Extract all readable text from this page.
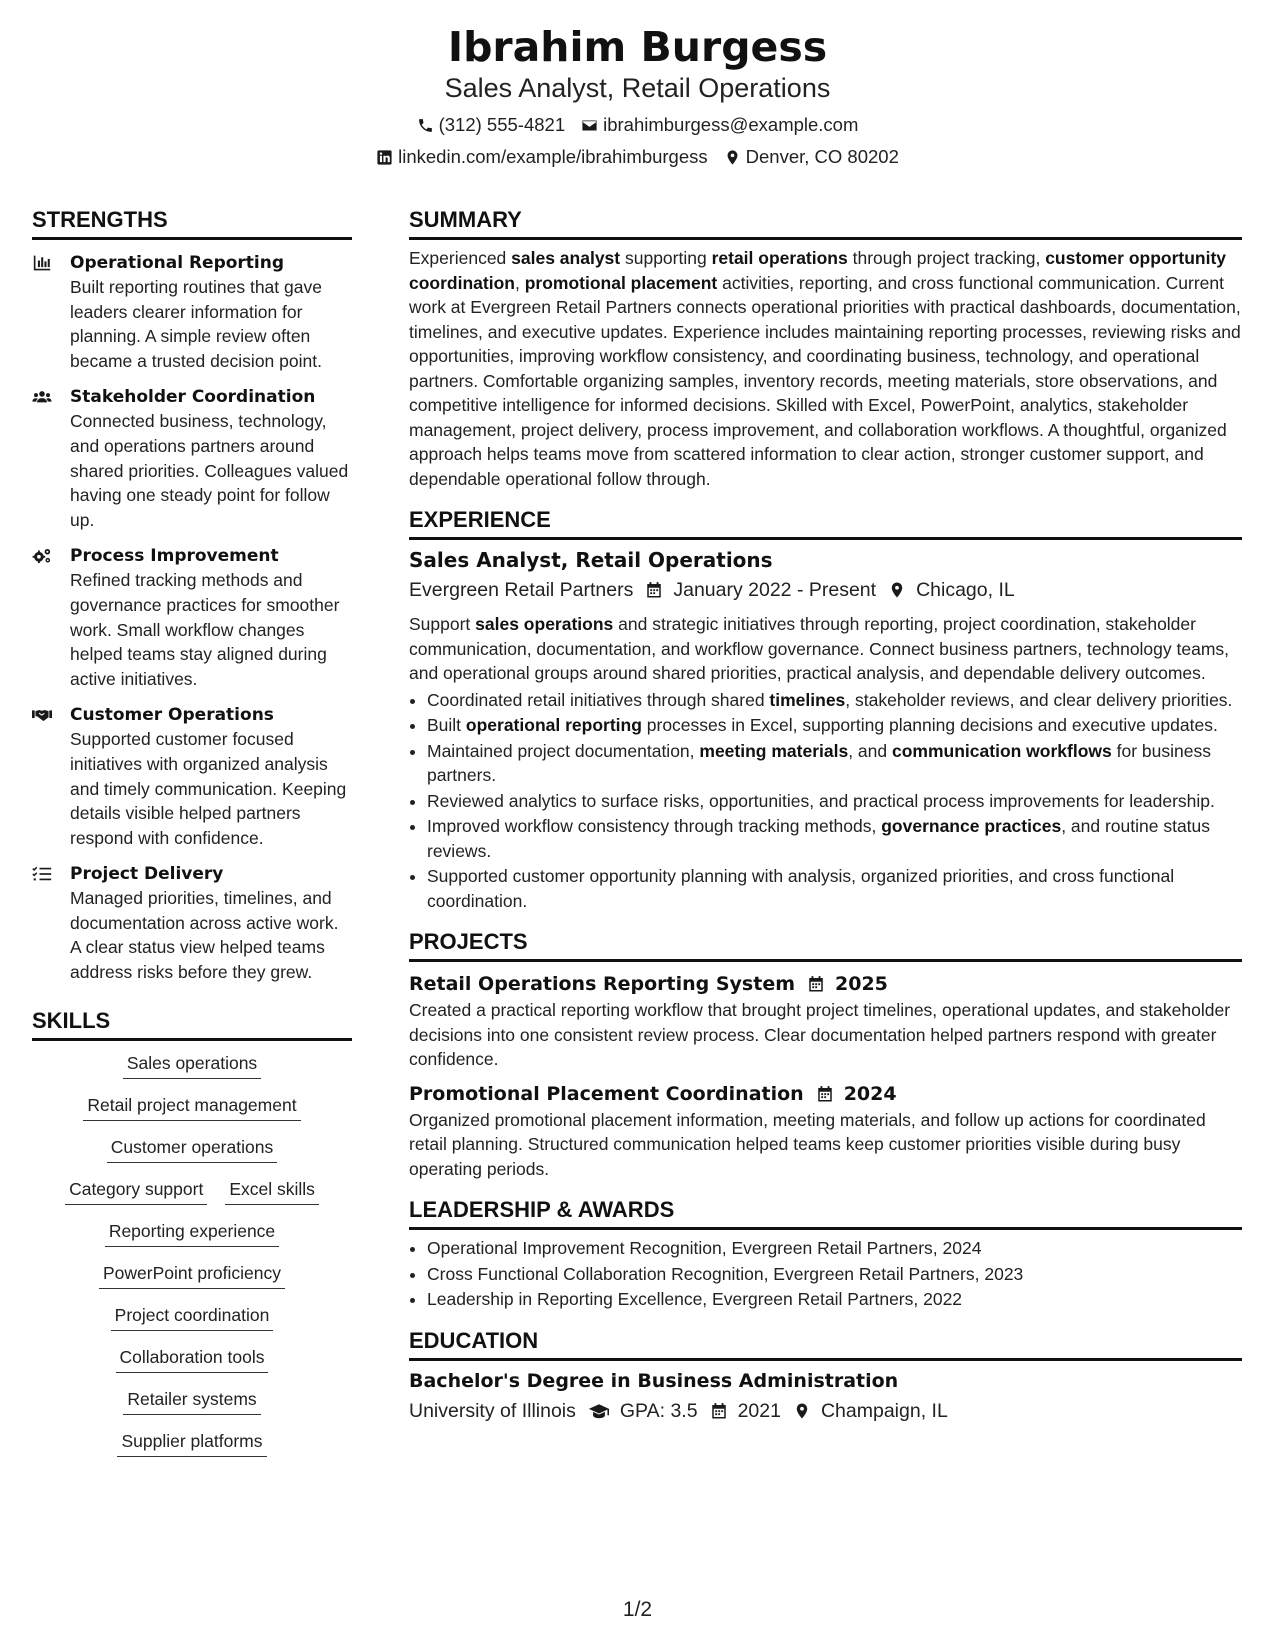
Ibrahim Burgess
Sales Analyst, Retail Operations
(312) 555-4821 ibrahimburgess@example.com
linkedin.com/example/ibrahimburgess Denver, CO 80202
STRENGTHS
Operational Reporting
Built reporting routines that gave leaders clearer information for planning. A simple review often became a trusted decision point.
Stakeholder Coordination
Connected business, technology, and operations partners around shared priorities. Colleagues valued having one steady point for follow up.
Process Improvement
Refined tracking methods and governance practices for smoother work. Small workflow changes helped teams stay aligned during active initiatives.
Customer Operations
Supported customer focused initiatives with organized analysis and timely communication. Keeping details visible helped partners respond with confidence.
Project Delivery
Managed priorities, timelines, and documentation across active work. A clear status view helped teams address risks before they grew.
SKILLS
Sales operations
Retail project management
Customer operations
Category support Excel skills
Reporting experience
PowerPoint proficiency
Project coordination
Collaboration tools
Retailer systems
Supplier platforms
SUMMARY
Experienced sales analyst supporting retail operations through project tracking, customer opportunity coordination, promotional placement activities, reporting, and cross functional communication. Current work at Evergreen Retail Partners connects operational priorities with practical dashboards, documentation, timelines, and executive updates. Experience includes maintaining reporting processes, reviewing risks and opportunities, improving workflow consistency, and coordinating business, technology, and operational partners. Comfortable organizing samples, inventory records, meeting materials, store observations, and competitive intelligence for informed decisions. Skilled with Excel, PowerPoint, analytics, stakeholder management, project delivery, process improvement, and collaboration workflows. A thoughtful, organized approach helps teams move from scattered information to clear action, stronger customer support, and dependable operational follow through.
EXPERIENCE
Sales Analyst, Retail Operations
Evergreen Retail Partners January 2022 - Present Chicago, IL
Support sales operations and strategic initiatives through reporting, project coordination, stakeholder communication, documentation, and workflow governance. Connect business partners, technology teams, and operational groups around shared priorities, practical analysis, and dependable delivery outcomes.
• Coordinated retail initiatives through shared timelines, stakeholder reviews, and clear delivery priorities.
• Built operational reporting processes in Excel, supporting planning decisions and executive updates.
• Maintained project documentation, meeting materials, and communication workflows for business partners.
• Reviewed analytics to surface risks, opportunities, and practical process improvements for leadership.
• Improved workflow consistency through tracking methods, governance practices, and routine status reviews.
• Supported customer opportunity planning with analysis, organized priorities, and cross functional coordination.
PROJECTS
Retail Operations Reporting System 2025
Created a practical reporting workflow that brought project timelines, operational updates, and stakeholder decisions into one consistent review process. Clear documentation helped partners respond with greater confidence.
Promotional Placement Coordination 2024
Organized promotional placement information, meeting materials, and follow up actions for coordinated retail planning. Structured communication helped teams keep customer priorities visible during busy operating periods.
LEADERSHIP & AWARDS
• Operational Improvement Recognition, Evergreen Retail Partners, 2024
• Cross Functional Collaboration Recognition, Evergreen Retail Partners, 2023
• Leadership in Reporting Excellence, Evergreen Retail Partners, 2022
EDUCATION
Bachelor's Degree in Business Administration
University of Illinois GPA: 3.5 2021 Champaign, IL
1/2
